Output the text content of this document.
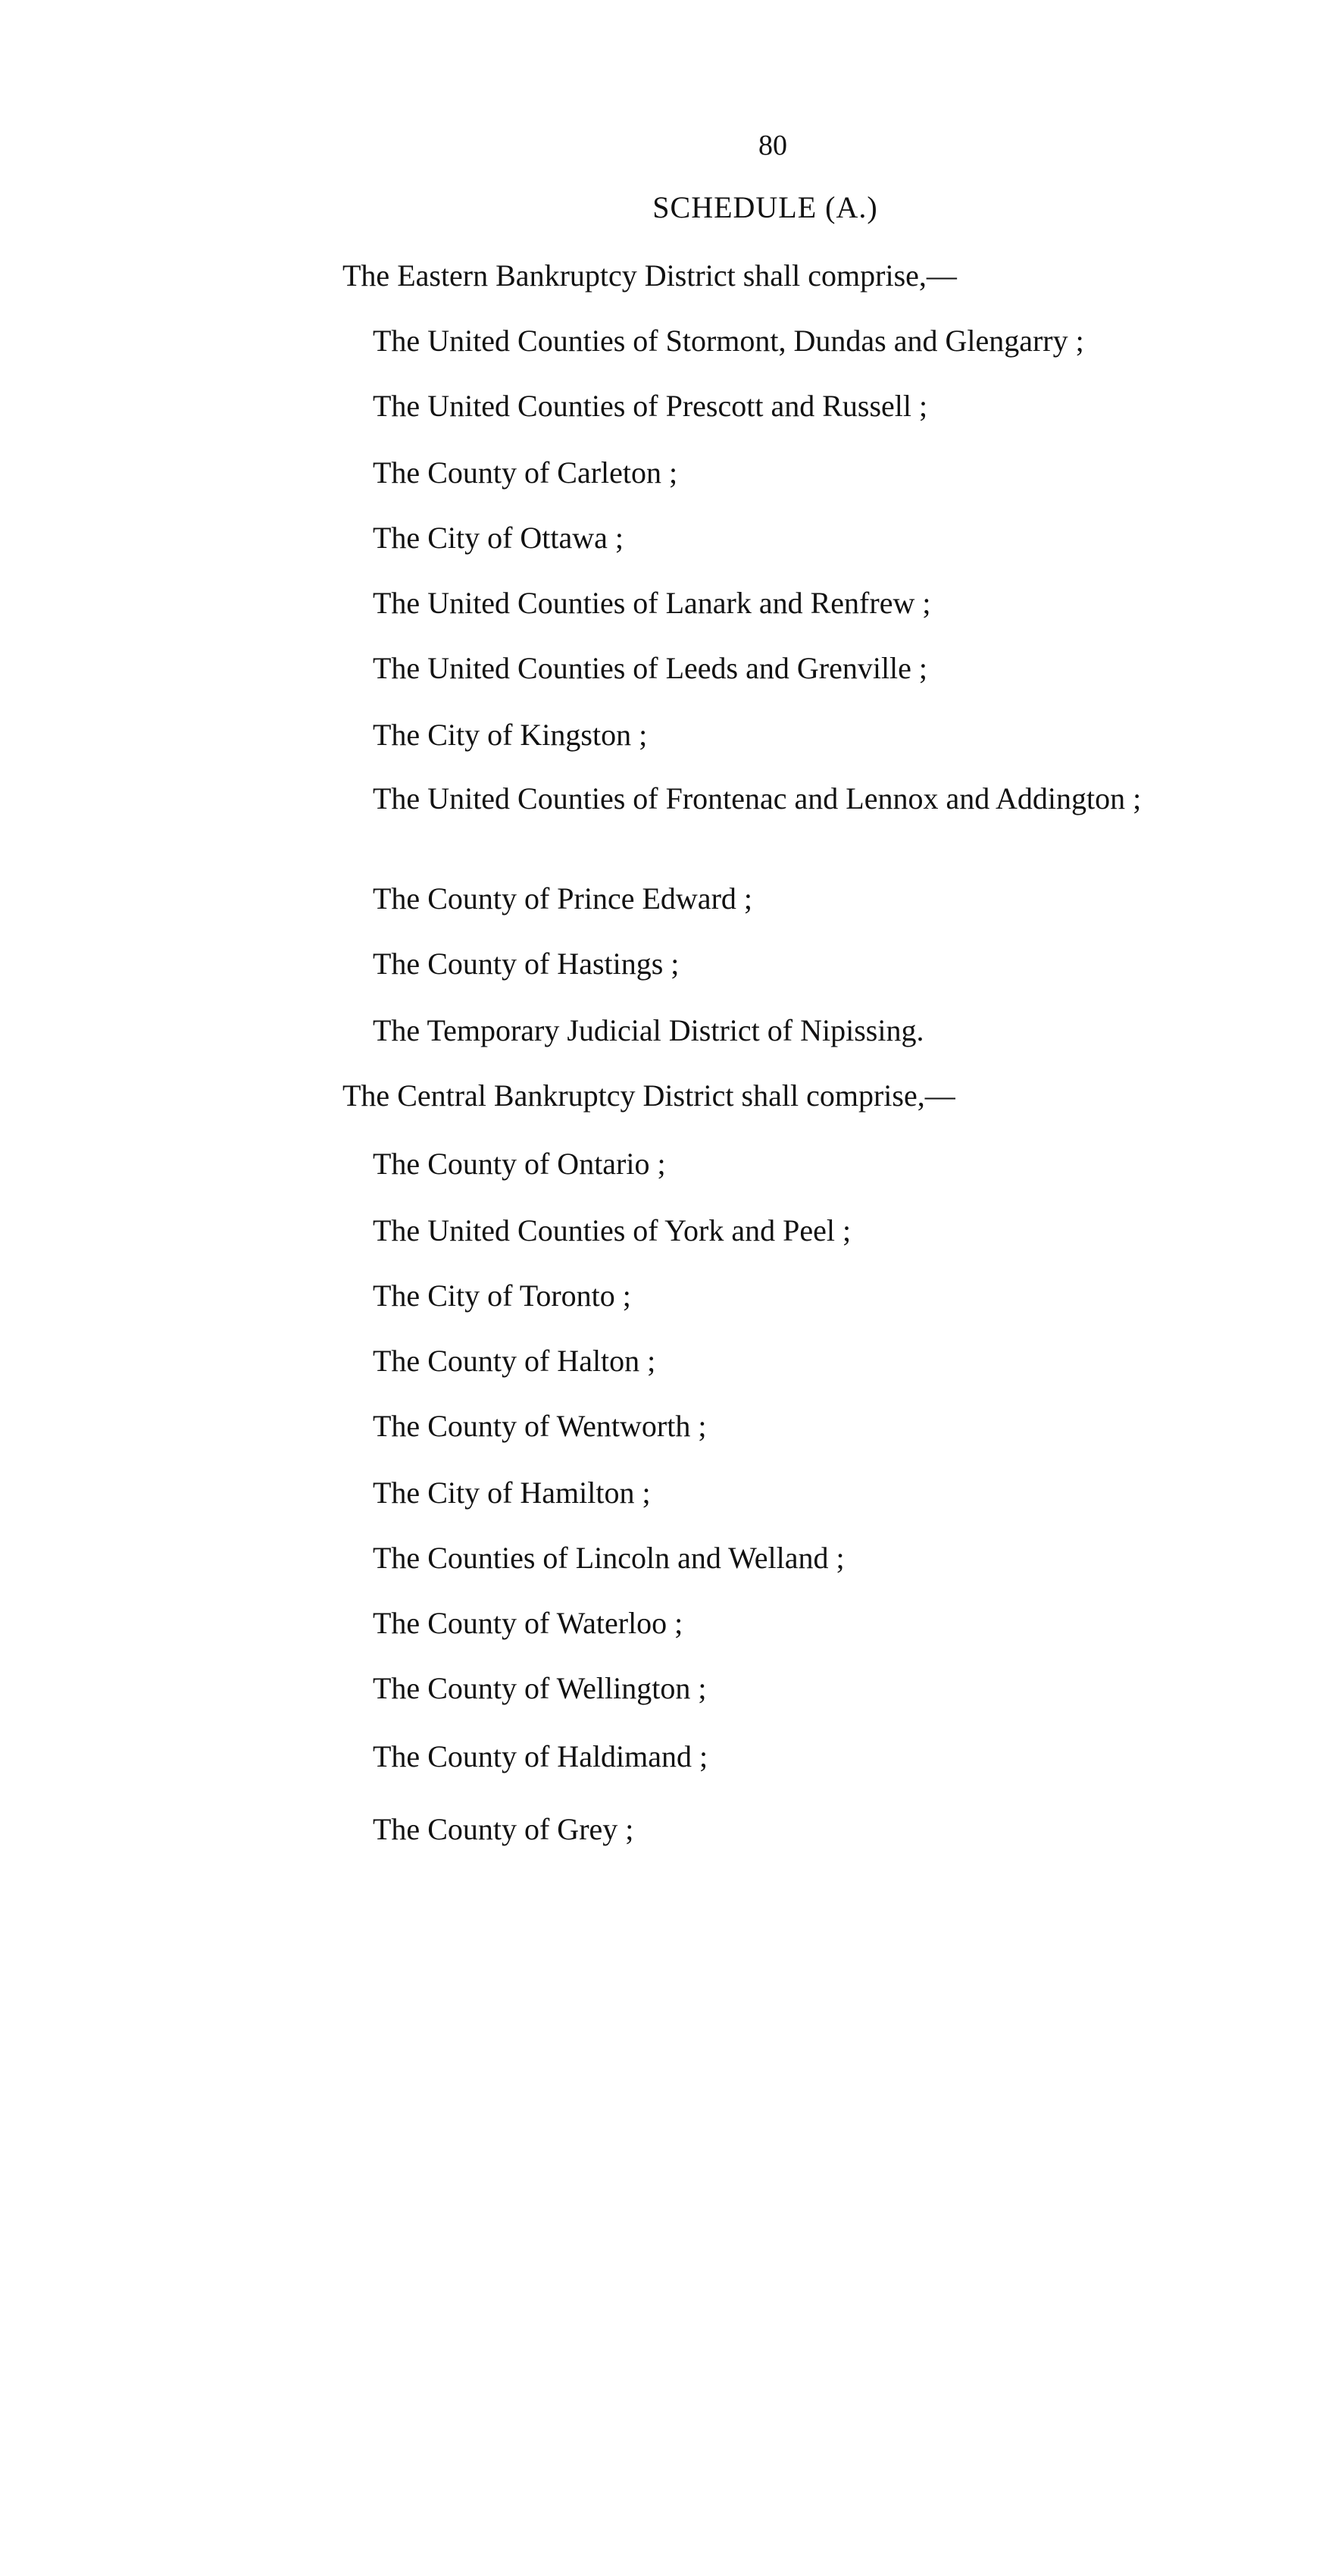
80
SCHEDULE (A.)
The Eastern Bankruptcy District shall comprise,—
The United Counties of Stormont, Dundas and Glengarry ;
The United Counties of Prescott and Russell ;
The County of Carleton ;
The City of Ottawa ;
The United Counties of Lanark and Renfrew ;
The United Counties of Leeds and Grenville ;
The City of Kingston ;
The United Counties of Frontenac and Lennox and Addington ;
The County of Prince Edward ;
The County of Hastings ;
The Temporary Judicial District of Nipissing.
The Central Bankruptcy District shall comprise,—
The County of Ontario ;
The United Counties of York and Peel ;
The City of Toronto ;
The County of Halton ;
The County of Wentworth ;
The City of Hamilton ;
The Counties of Lincoln and Welland ;
The County of Waterloo ;
The County of Wellington ;
The County of Haldimand ;
The County of Grey ;
